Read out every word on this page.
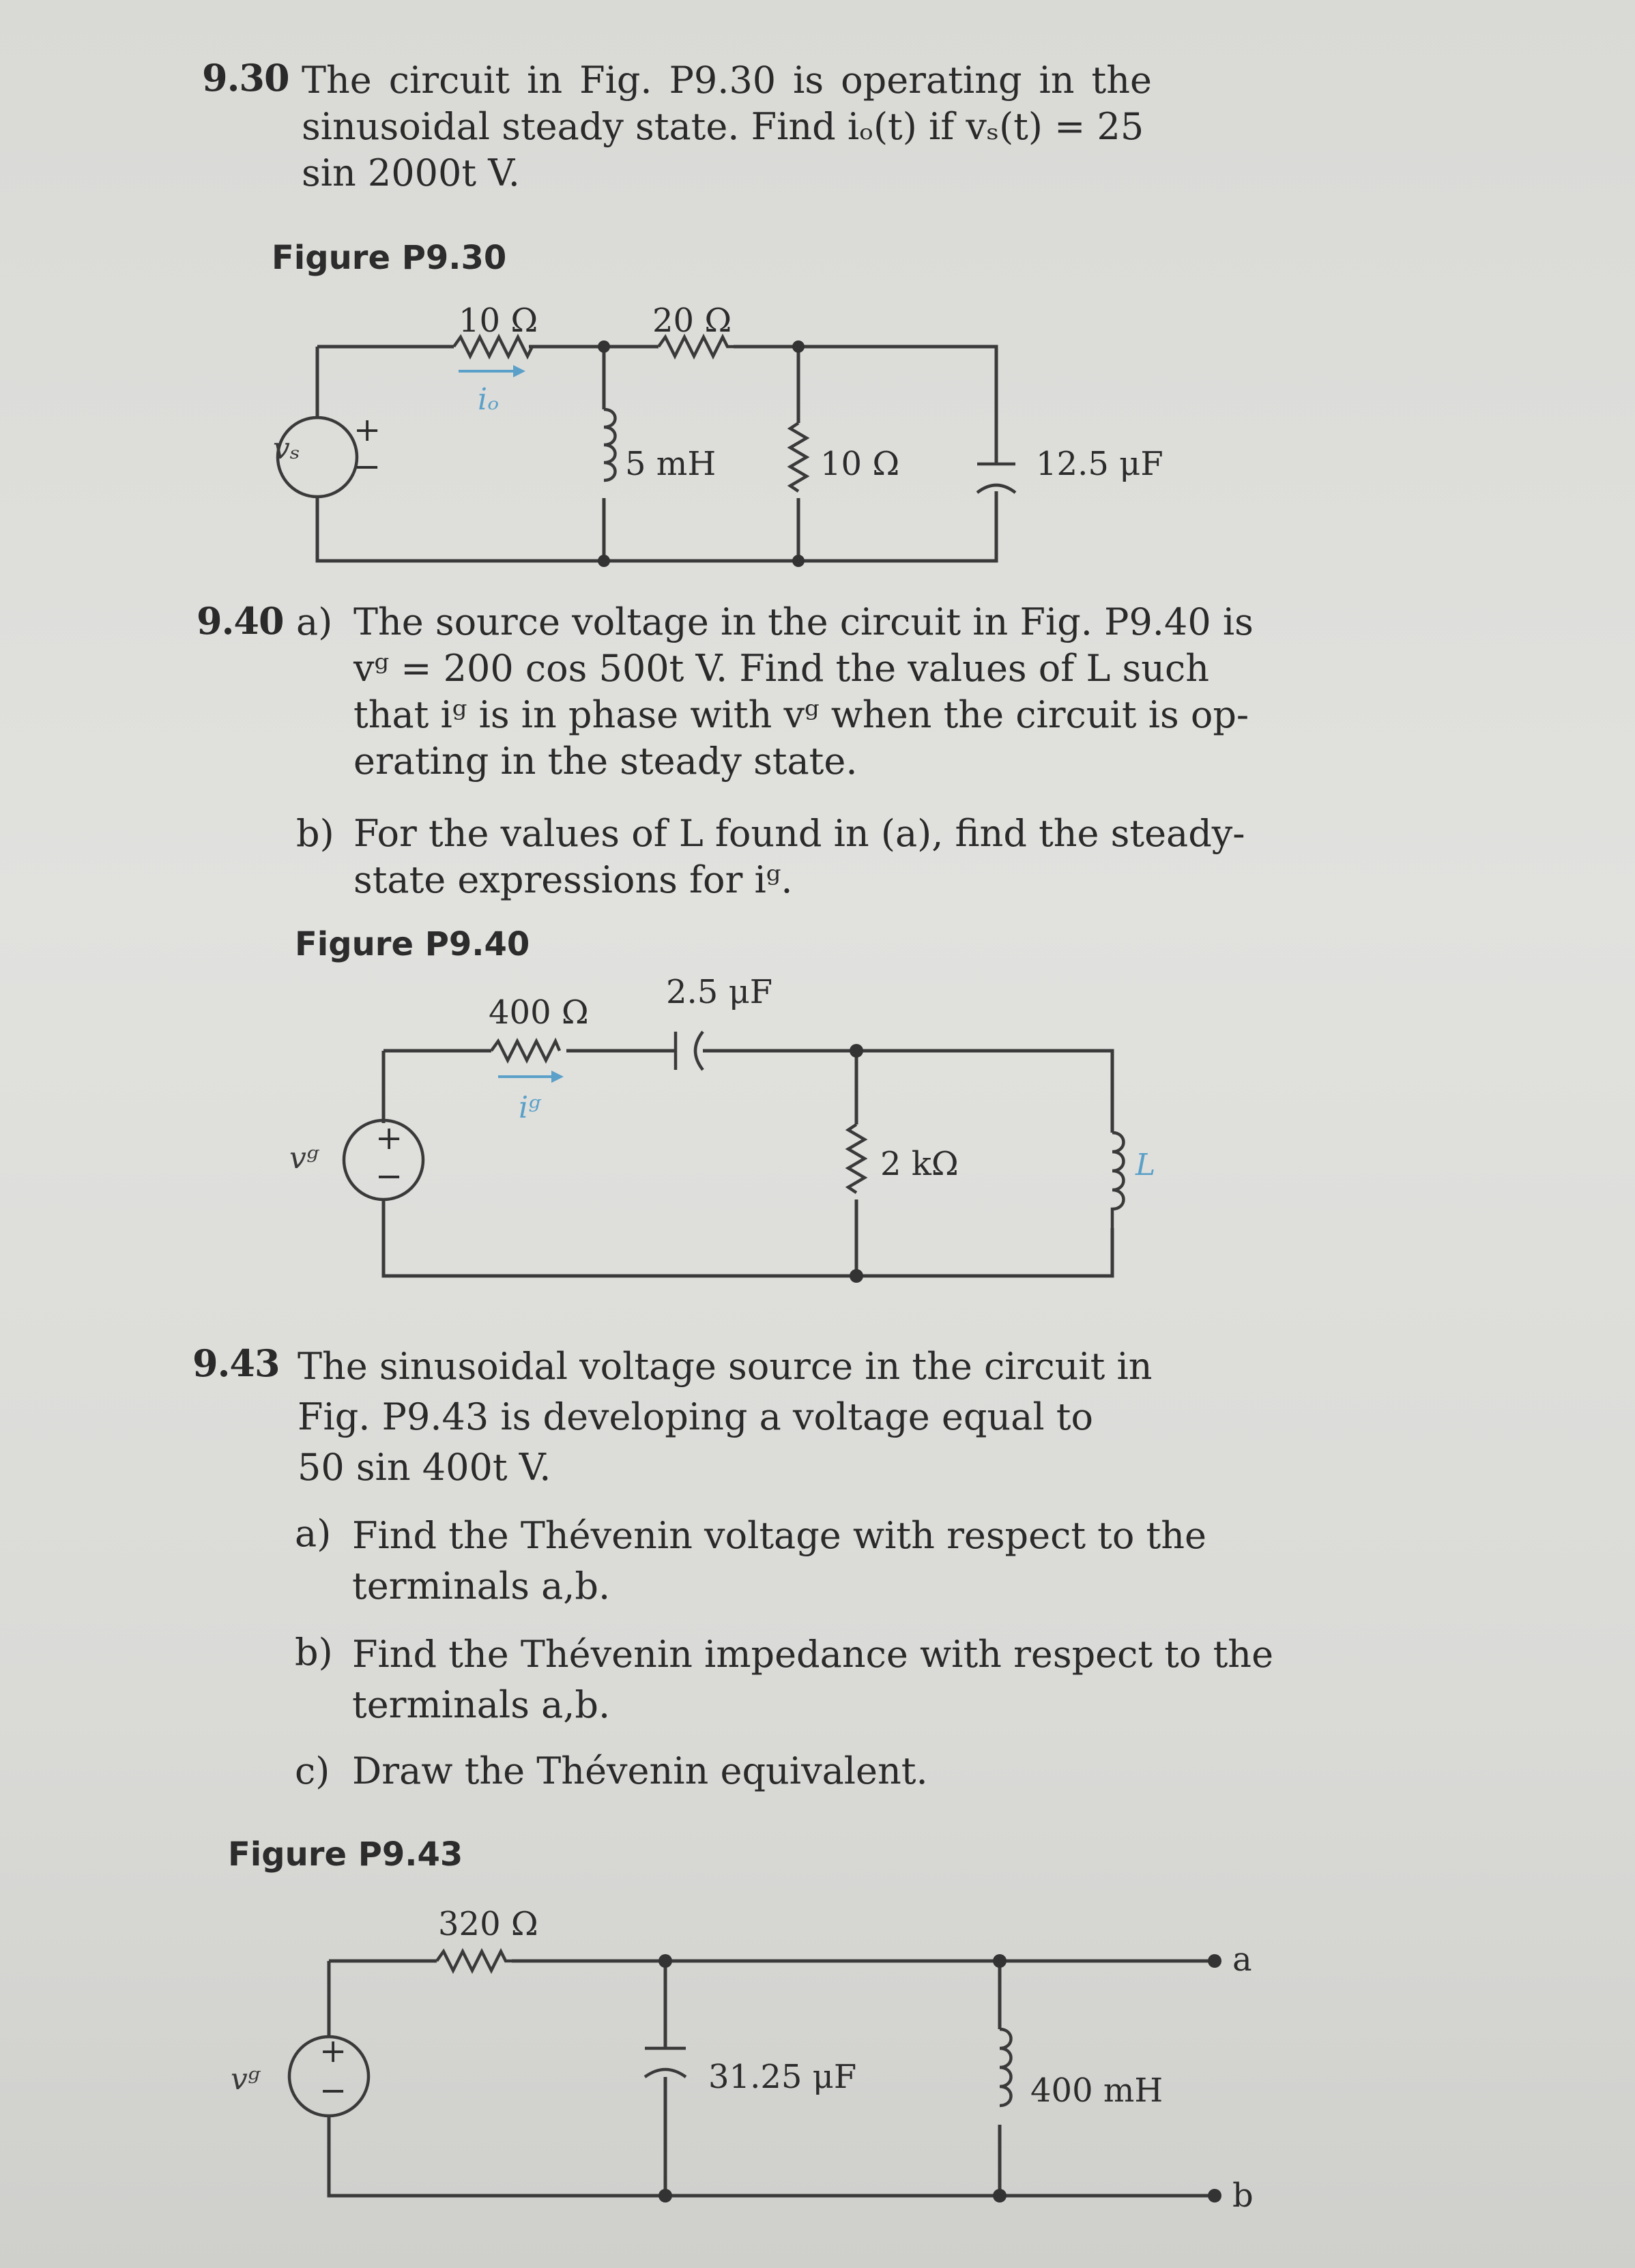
9.30 The circuit in Fig. P9.30 is operating in the
sinusoidal steady state. Find iₒ(t) if vₛ(t) = 25
sin 2000t V.
Figure P9.30
10 Ω	20 Ω
5 mH	10 Ω	12.5 μF
vₛ
iₒ
+
−
9.40 a) The source voltage in the circuit in Fig. P9.40 is
vᵍ = 200 cos 500t V. Find the values of L such
that iᵍ is in phase with vᵍ when the circuit is op-
erating in the steady state.
b) For the values of L found in (a), find the steady-
state expressions for iᵍ.
Figure P9.40
400 Ω
2.5 μF
2 kΩ	L
vᵍ
iᵍ
+
−
9.43 The sinusoidal voltage source in the circuit in
Fig. P9.43 is developing a voltage equal to
50 sin 400t V.
a) Find the Thévenin voltage with respect to the
terminals a,b.
b) Find the Thévenin impedance with respect to the
terminals a,b.
c) Draw the Thévenin equivalent.
Figure P9.43
320 Ω
31.25 μF	400 mH
a
b
vᵍ
+
−
